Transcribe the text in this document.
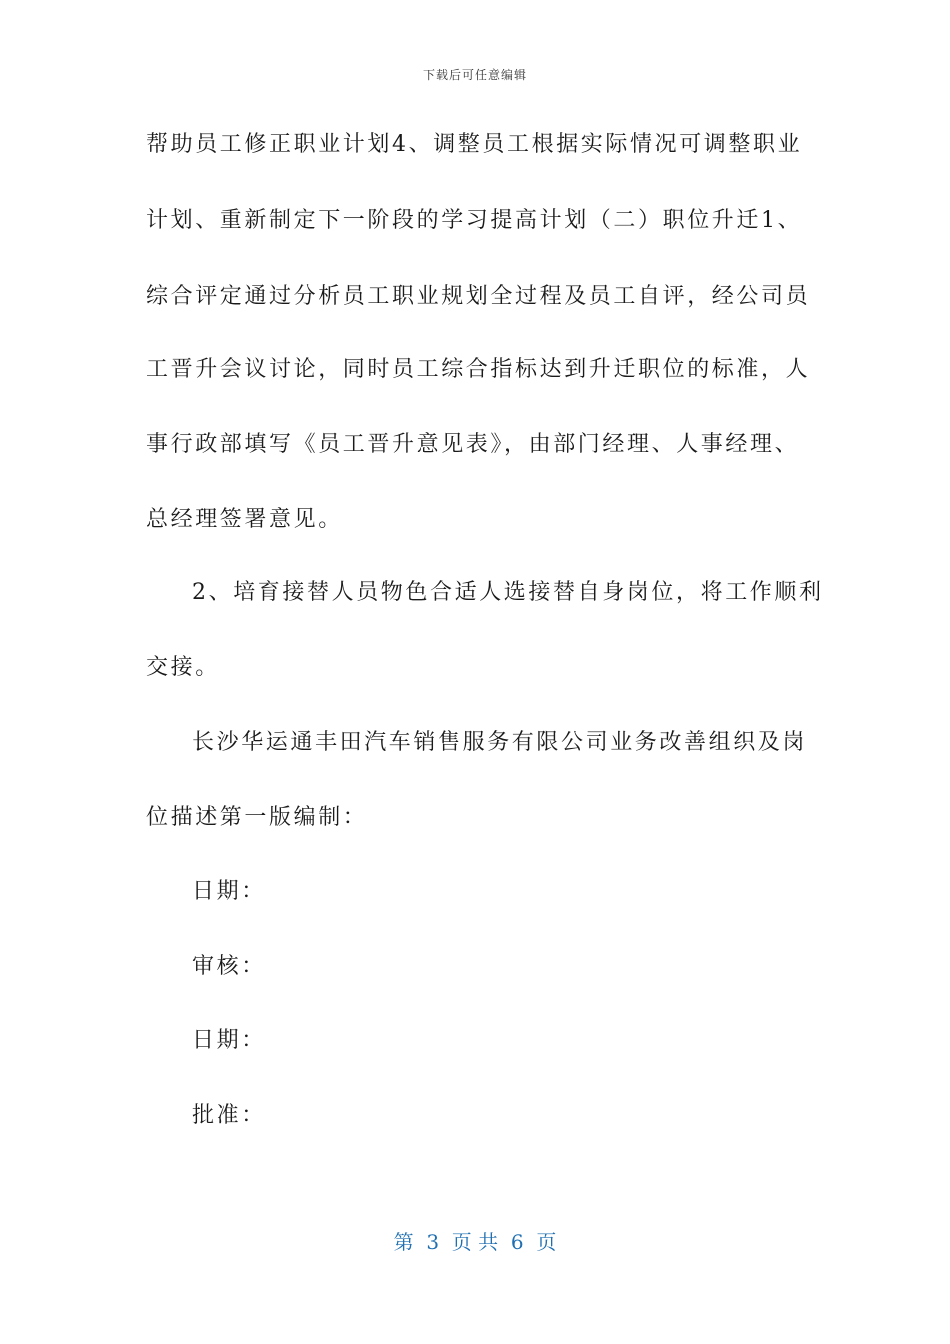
下载后可任意编辑
帮助员工修正职业计划4、调整员工根据实际情况可调整职业
计划、重新制定下一阶段的学习提高计划（二）职位升迁1、
综合评定通过分析员工职业规划全过程及员工自评，经公司员
工晋升会议讨论，同时员工综合指标达到升迁职位的标准，人
事行政部填写《员工晋升意见表》，由部门经理、人事经理、
总经理签署意见。
2、培育接替人员物色合适人选接替自身岗位，将工作顺利
交接。
长沙华运通丰田汽车销售服务有限公司业务改善组织及岗
位描述第一版编制：
日期：
审核：
日期：
批准：
第  3  页 共  6  页
